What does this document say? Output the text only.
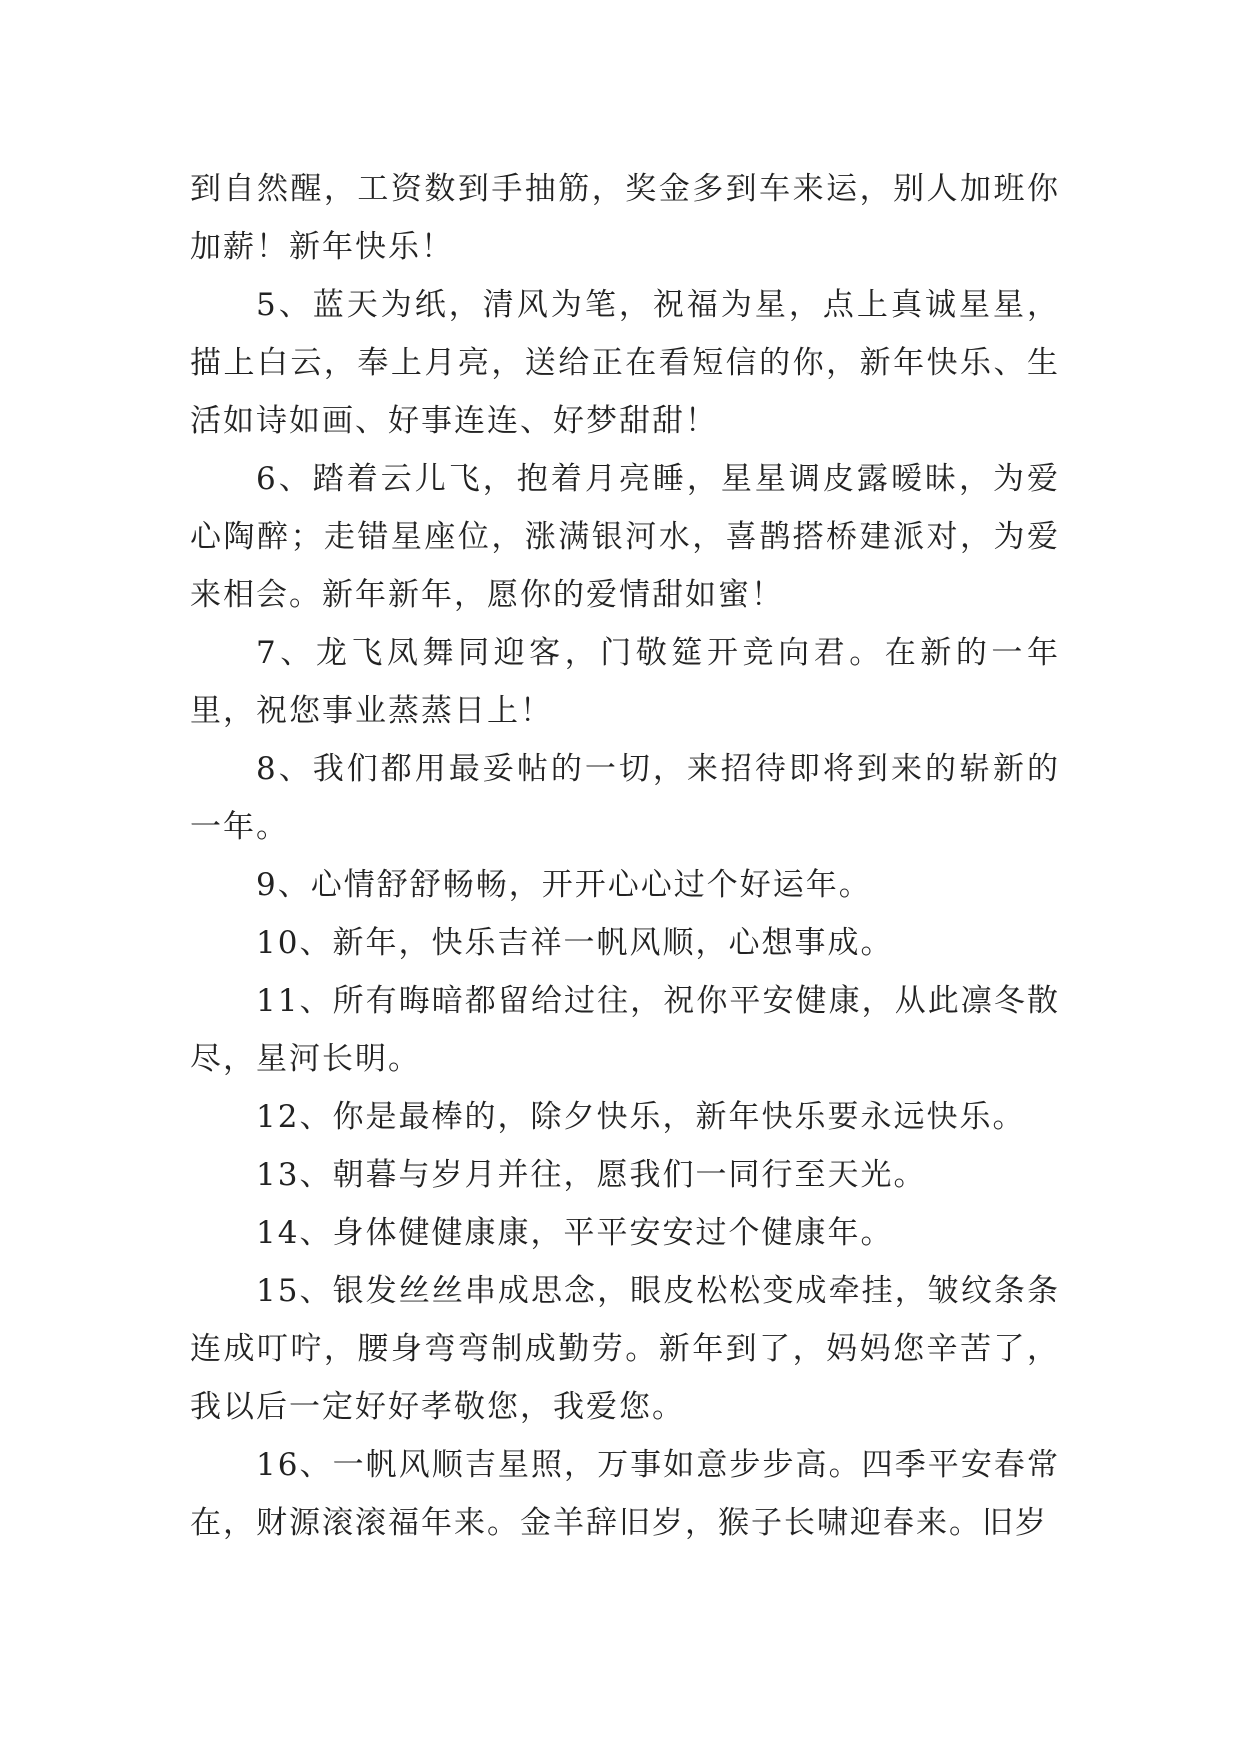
到自然醒，工资数到手抽筋，奖金多到车来运，别人加班你加薪！新年快乐！

5、蓝天为纸，清风为笔，祝福为星，点上真诚星星，描上白云，奉上月亮，送给正在看短信的你，新年快乐、生活如诗如画、好事连连、好梦甜甜！

6、踏着云儿飞，抱着月亮睡，星星调皮露暧昧，为爱心陶醉；走错星座位，涨满银河水，喜鹊搭桥建派对，为爱来相会。新年新年，愿你的爱情甜如蜜！

7、龙飞凤舞同迎客，门敬筵开竞向君。在新的一年里，祝您事业蒸蒸日上！

8、我们都用最妥帖的一切，来招待即将到来的崭新的一年。

9、心情舒舒畅畅，开开心心过个好运年。

10、新年，快乐吉祥一帆风顺，心想事成。

11、所有晦暗都留给过往，祝你平安健康，从此凛冬散尽，星河长明。

12、你是最棒的，除夕快乐，新年快乐要永远快乐。

13、朝暮与岁月并往，愿我们一同行至天光。

14、身体健健康康，平平安安过个健康年。

15、银发丝丝串成思念，眼皮松松变成牵挂，皱纹条条连成叮咛，腰身弯弯制成勤劳。新年到了，妈妈您辛苦了，我以后一定好好孝敬您，我爱您。

16、一帆风顺吉星照，万事如意步步高。四季平安春常在，财源滚滚福年来。金羊辞旧岁，猴子长啸迎春来。旧岁
